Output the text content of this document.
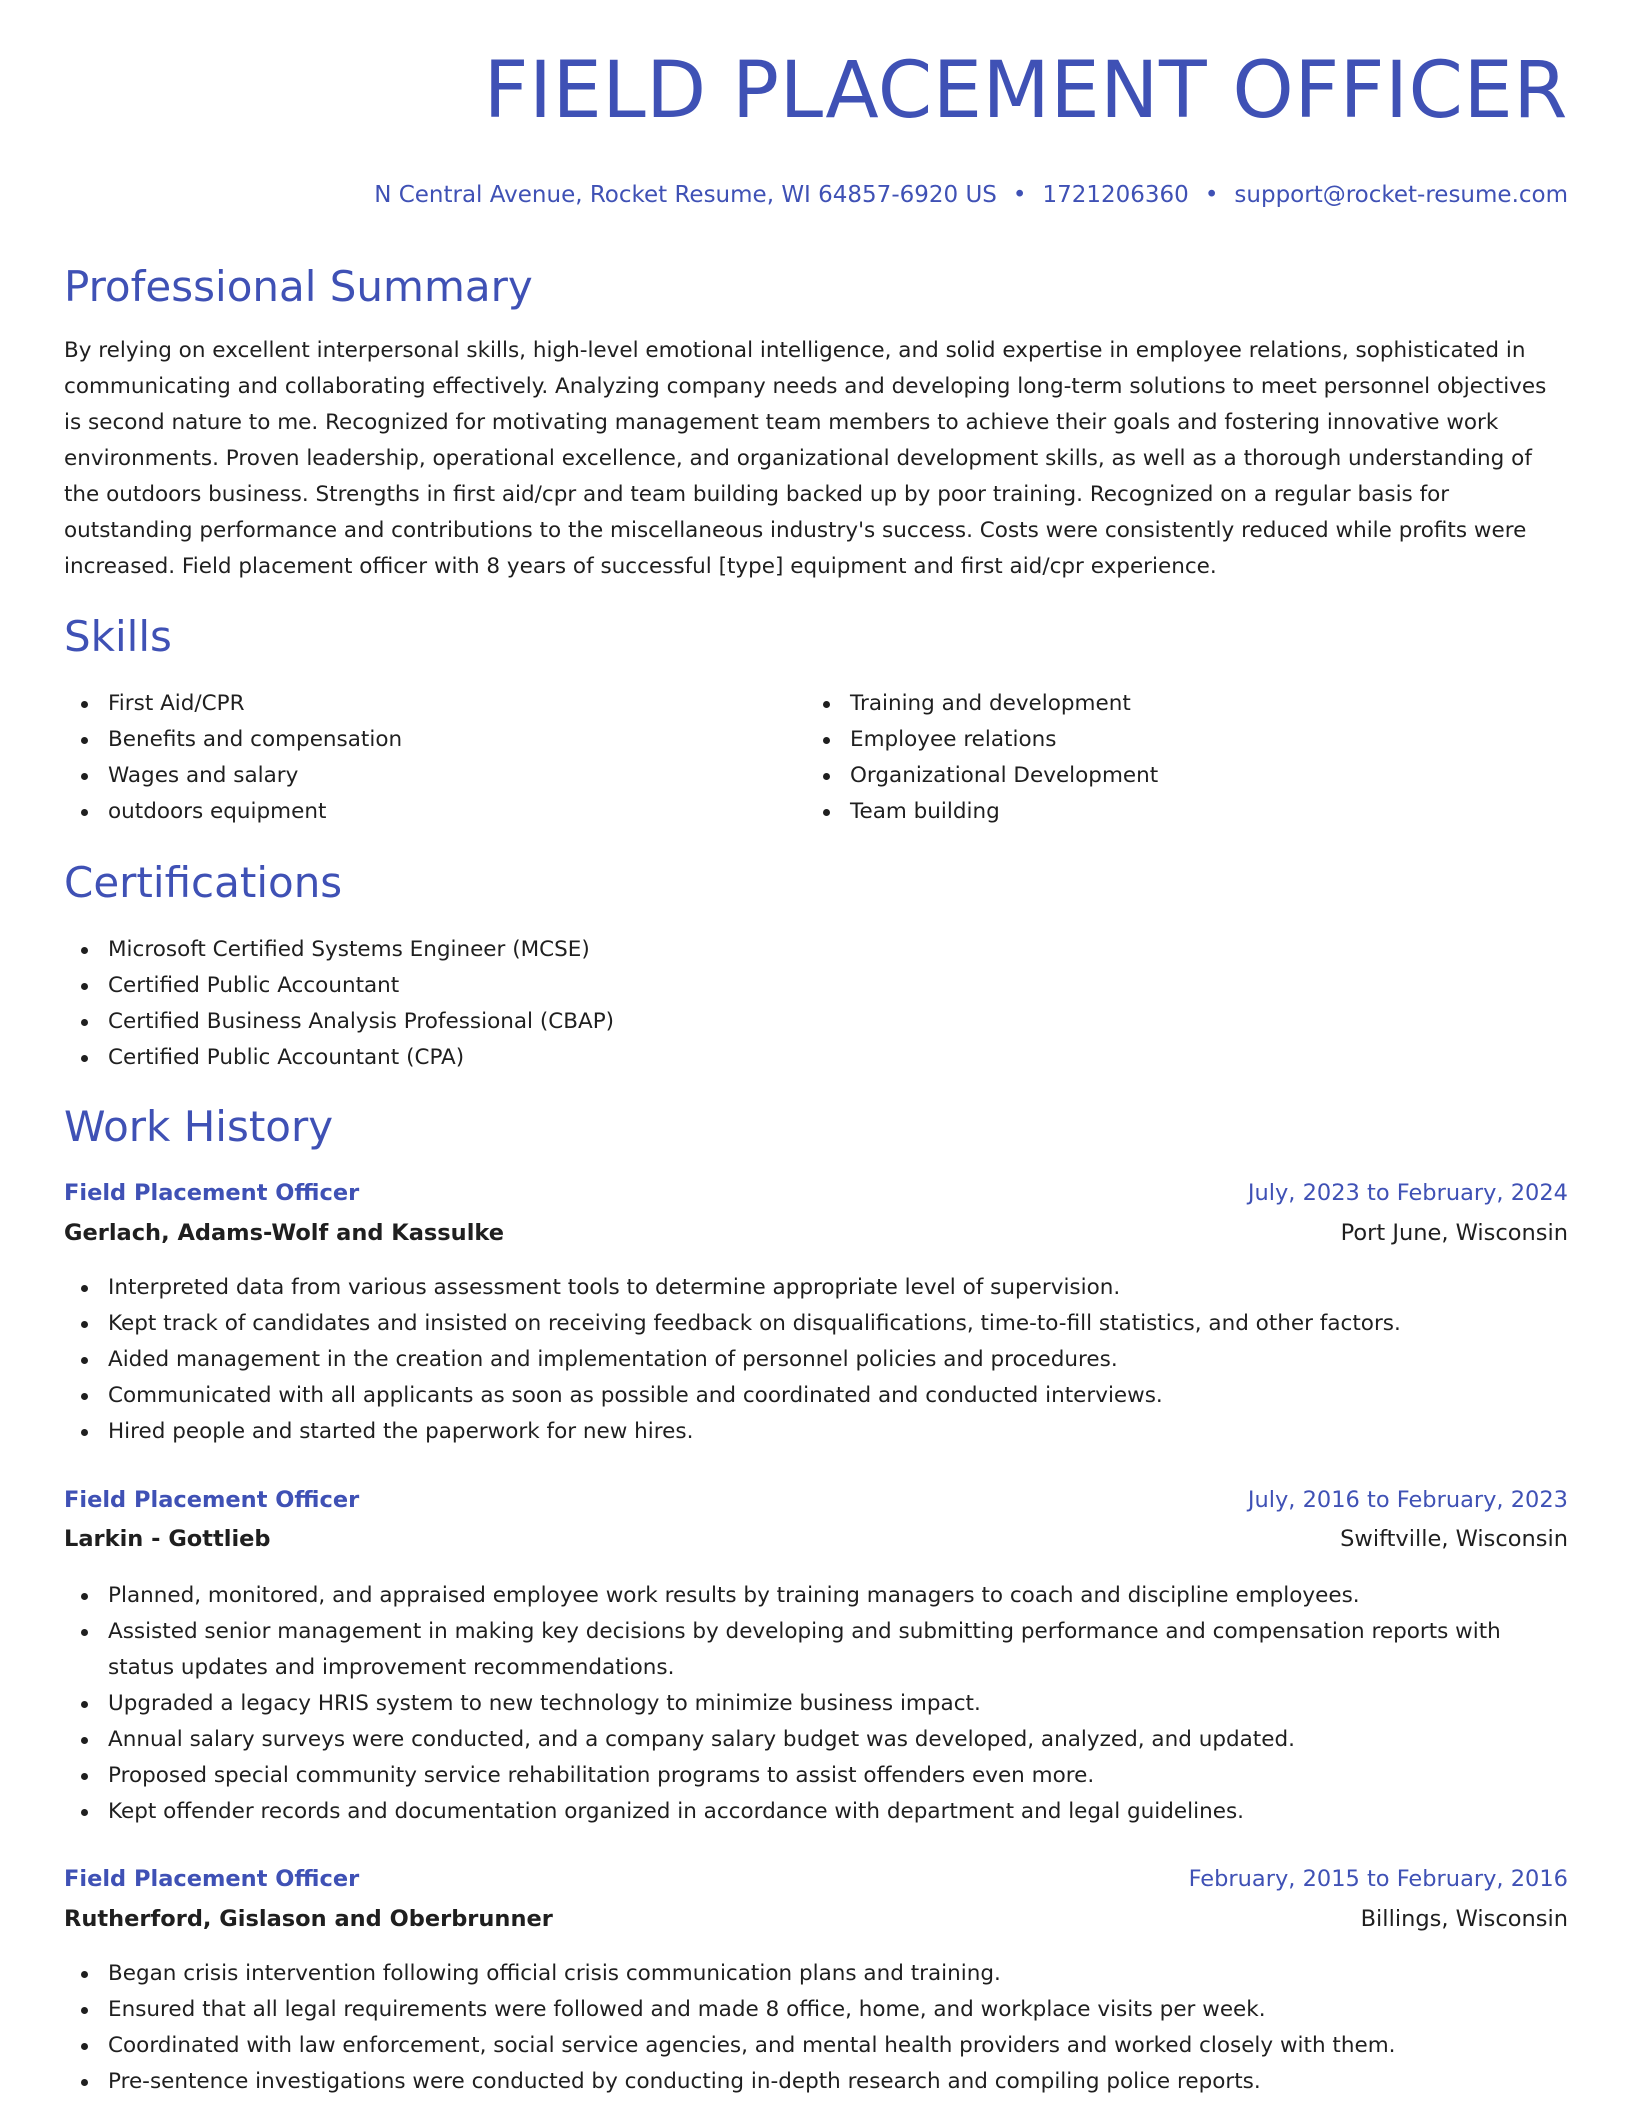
FIELD PLACEMENT OFFICER
N Central Avenue, Rocket Resume, WI 64857-6920 US • 1721206360 • support@rocket-resume.com
Professional Summary
By relying on excellent interpersonal skills, high-level emotional intelligence, and solid expertise in employee relations, sophisticated in communicating and collaborating effectively. Analyzing company needs and developing long-term solutions to meet personnel objectives is second nature to me. Recognized for motivating management team members to achieve their goals and fostering innovative work environments. Proven leadership, operational excellence, and organizational development skills, as well as a thorough understanding of the outdoors business. Strengths in first aid/cpr and team building backed up by poor training. Recognized on a regular basis for outstanding performance and contributions to the miscellaneous industry's success. Costs were consistently reduced while profits were increased. Field placement officer with 8 years of successful [type] equipment and first aid/cpr experience.
Skills
First Aid/CPR
Benefits and compensation
Wages and salary
outdoors equipment
Training and development
Employee relations
Organizational Development
Team building
Certifications
Microsoft Certified Systems Engineer (MCSE)
Certified Public Accountant
Certified Business Analysis Professional (CBAP)
Certified Public Accountant (CPA)
Work History
Field Placement Officer	July, 2023 to February, 2024
Gerlach, Adams-Wolf and Kassulke	Port June, Wisconsin
Interpreted data from various assessment tools to determine appropriate level of supervision.
Kept track of candidates and insisted on receiving feedback on disqualifications, time-to-fill statistics, and other factors.
Aided management in the creation and implementation of personnel policies and procedures.
Communicated with all applicants as soon as possible and coordinated and conducted interviews.
Hired people and started the paperwork for new hires.
Field Placement Officer	July, 2016 to February, 2023
Larkin - Gottlieb	Swiftville, Wisconsin
Planned, monitored, and appraised employee work results by training managers to coach and discipline employees.
Assisted senior management in making key decisions by developing and submitting performance and compensation reports with status updates and improvement recommendations.
Upgraded a legacy HRIS system to new technology to minimize business impact.
Annual salary surveys were conducted, and a company salary budget was developed, analyzed, and updated.
Proposed special community service rehabilitation programs to assist offenders even more.
Kept offender records and documentation organized in accordance with department and legal guidelines.
Field Placement Officer	February, 2015 to February, 2016
Rutherford, Gislason and Oberbrunner	Billings, Wisconsin
Began crisis intervention following official crisis communication plans and training.
Ensured that all legal requirements were followed and made 8 office, home, and workplace visits per week.
Coordinated with law enforcement, social service agencies, and mental health providers and worked closely with them.
Pre-sentence investigations were conducted by conducting in-depth research and compiling police reports.
